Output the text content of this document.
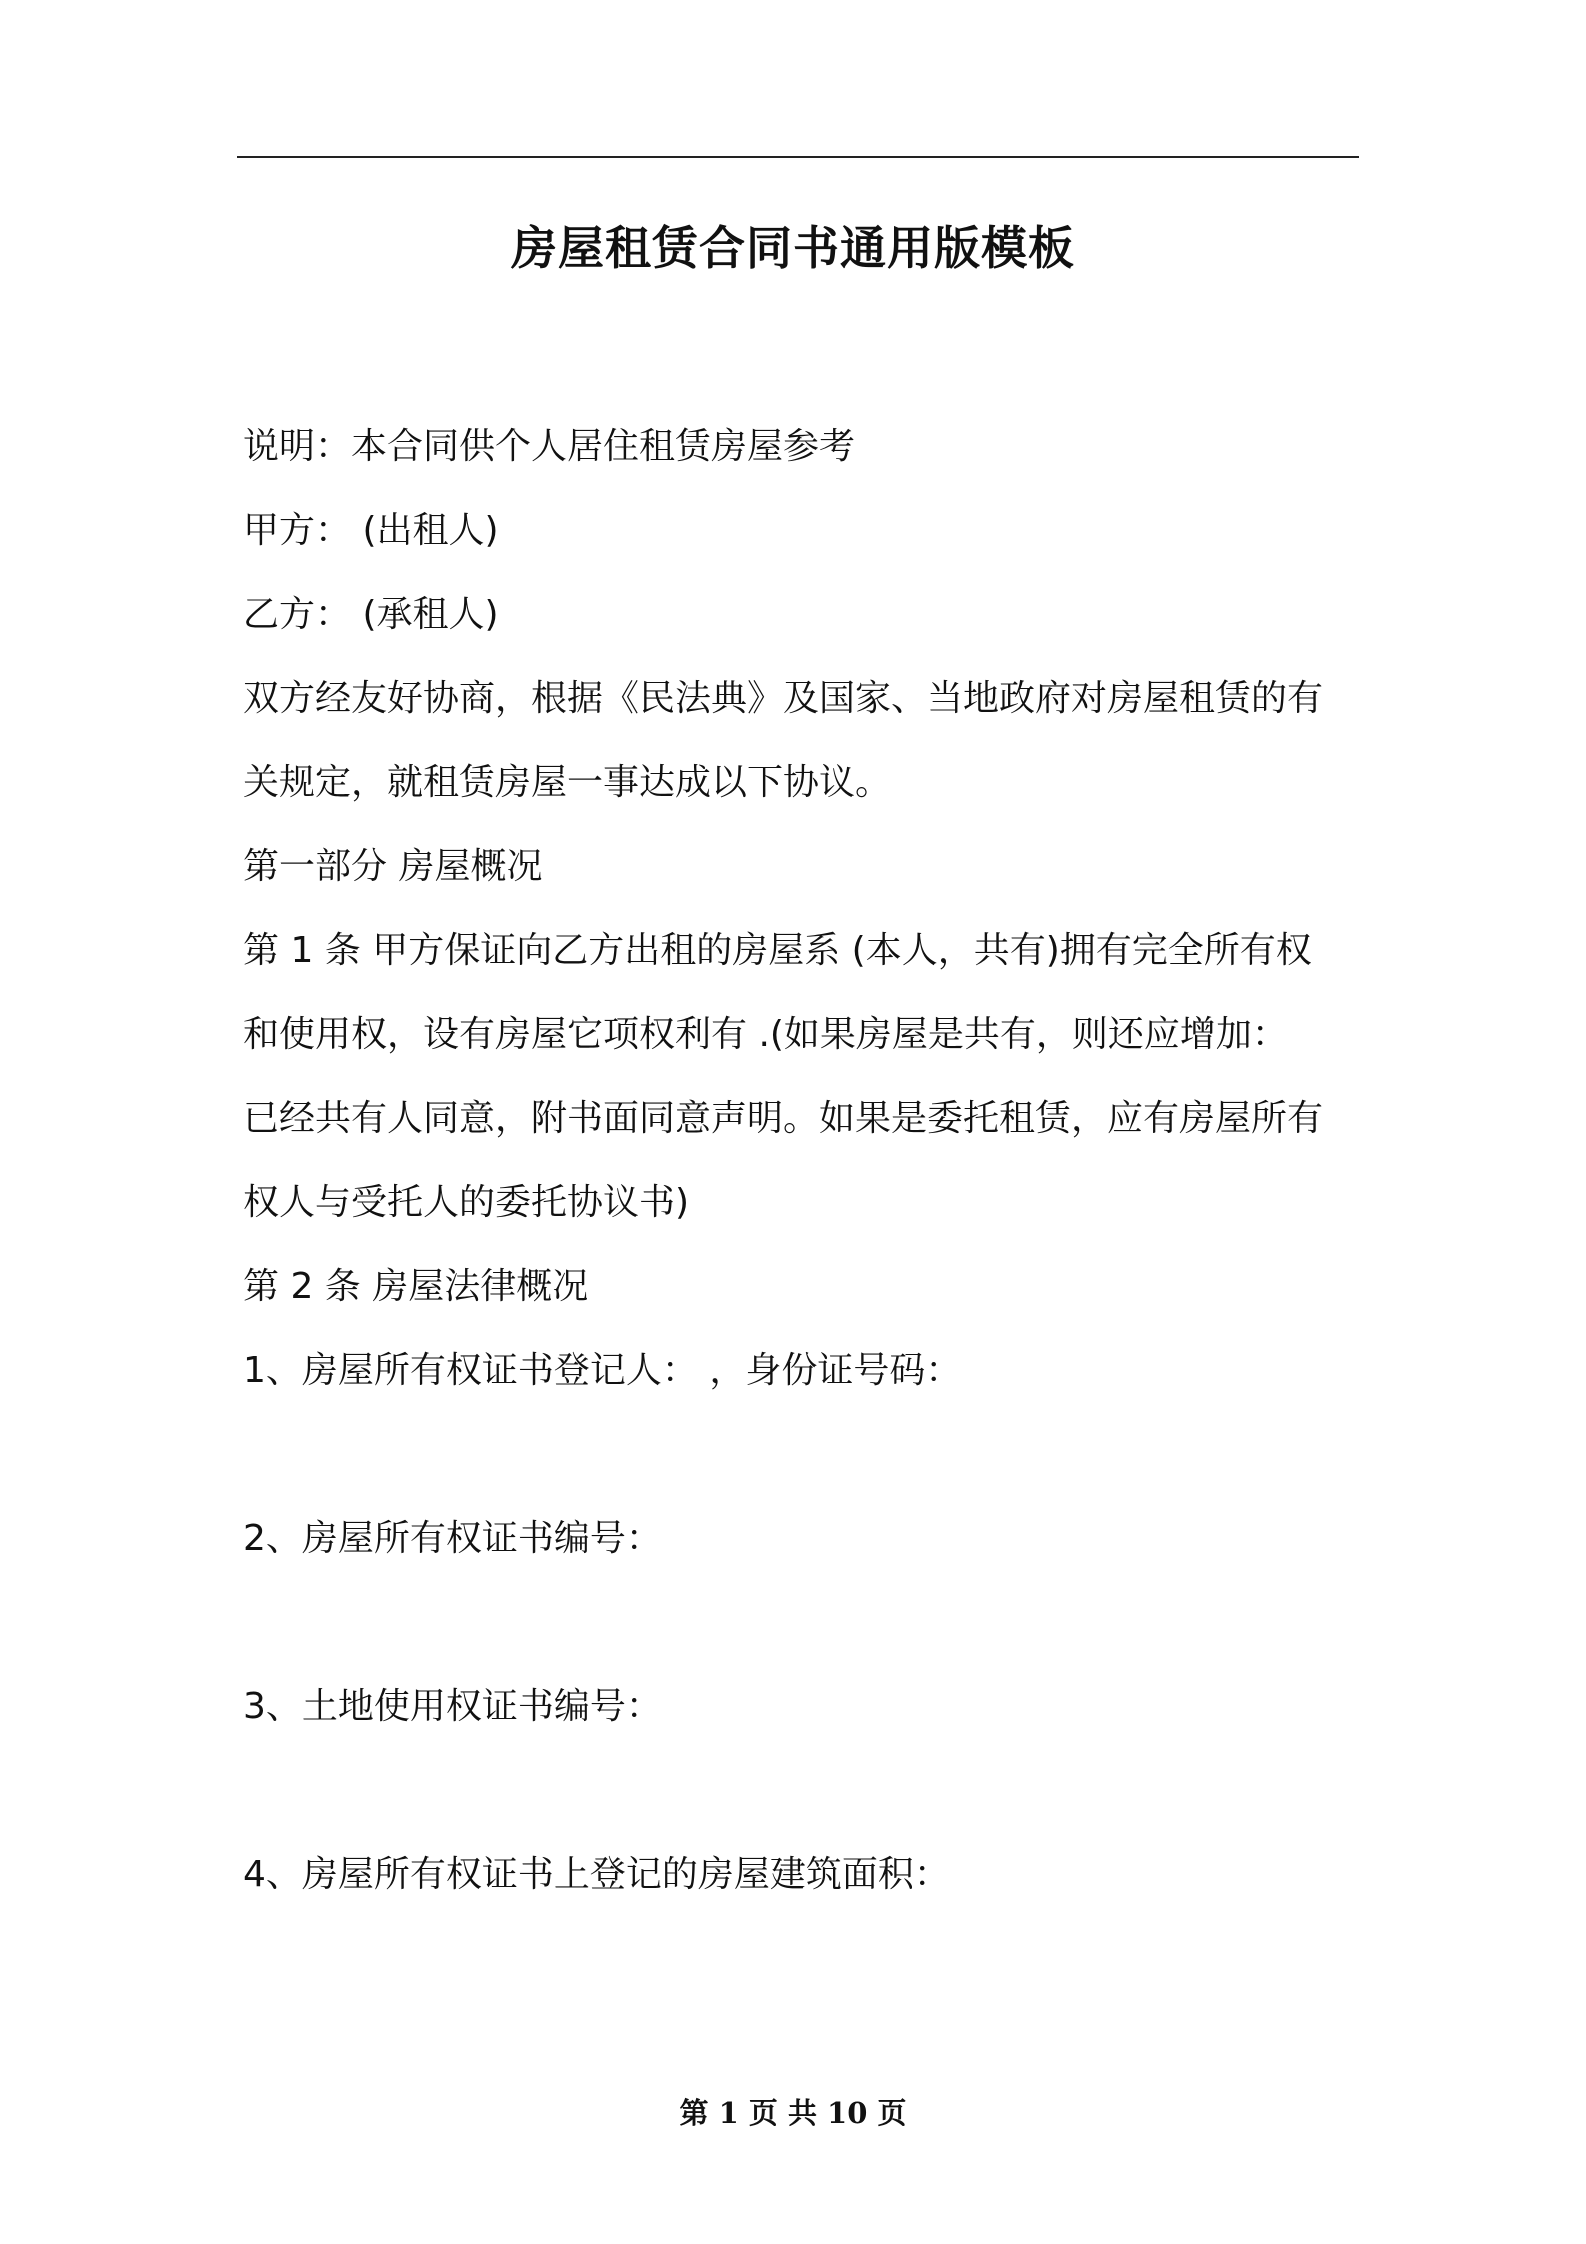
房屋租赁合同书通用版模板

说明：本合同供个人居住租赁房屋参考

甲方： (出租人)

乙方： (承租人)

双方经友好协商，根据《民法典》及国家、当地政府对房屋租赁的有

关规定，就租赁房屋一事达成以下协议。

第一部分 房屋概况

第 1 条 甲方保证向乙方出租的房屋系 (本人，共有)拥有完全所有权

和使用权，设有房屋它项权利有 .(如果房屋是共有，则还应增加：

已经共有人同意，附书面同意声明。如果是委托租赁，应有房屋所有

权人与受托人的委托协议书)

第 2 条 房屋法律概况

1、房屋所有权证书登记人： ，身份证号码：

2、房屋所有权证书编号：

3、土地使用权证书编号：

4、房屋所有权证书上登记的房屋建筑面积：

第 1 页 共 10 页
